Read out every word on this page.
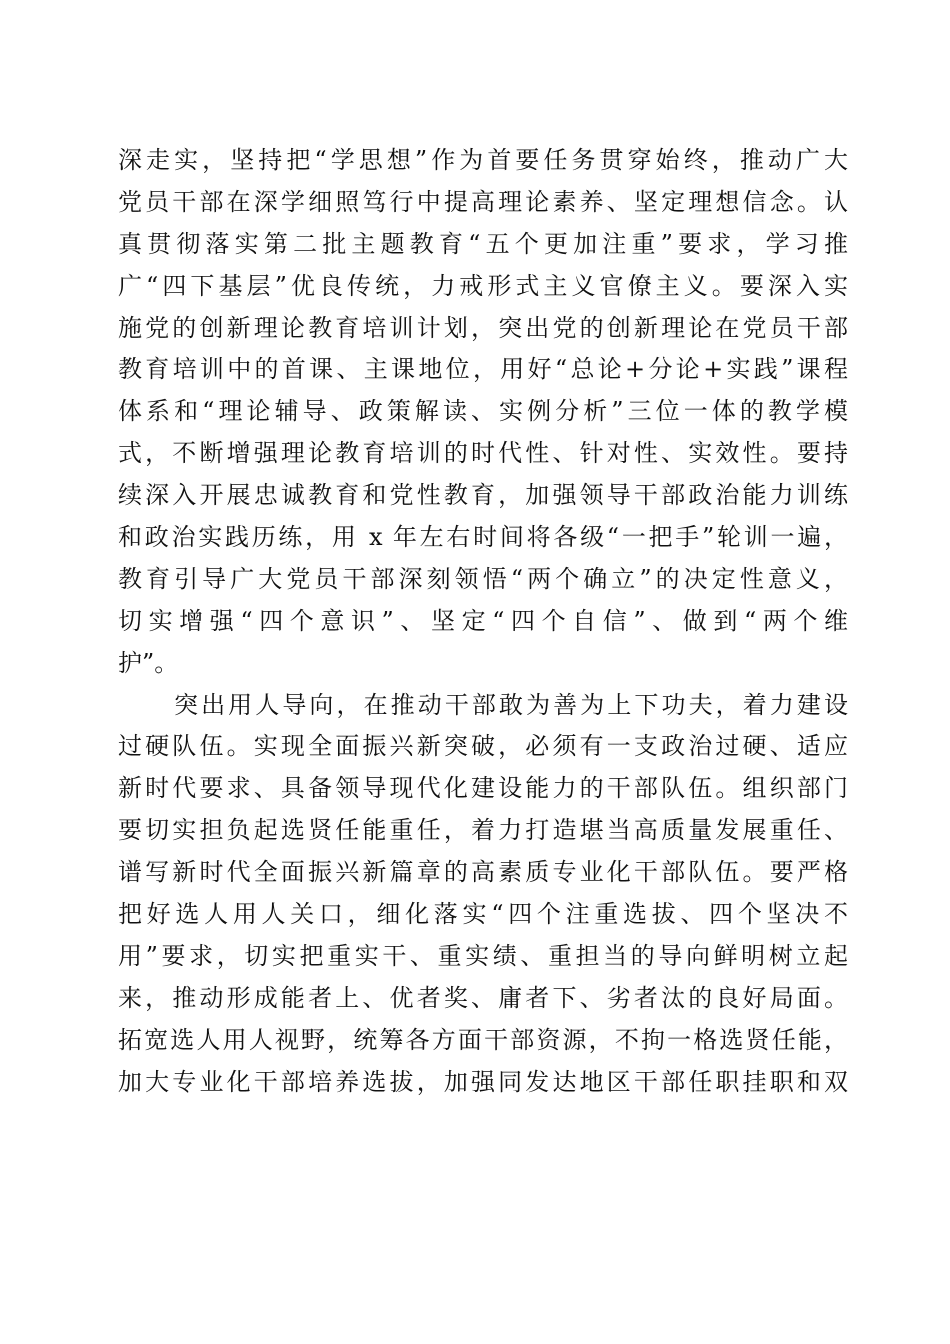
深走实，坚持把“学思想”作为首要任务贯穿始终，推动广大
党员干部在深学细照笃行中提高理论素养、坚定理想信念。认
真贯彻落实第二批主题教育“五个更加注重”要求，学习推
广“四下基层”优良传统，力戒形式主义官僚主义。要深入实
施党的创新理论教育培训计划，突出党的创新理论在党员干部
教育培训中的首课、主课地位，用好“总论+分论+实践”课程
体系和“理论辅导、政策解读、实例分析”三位一体的教学模
式，不断增强理论教育培训的时代性、针对性、实效性。要持
续深入开展忠诚教育和党性教育，加强领导干部政治能力训练
和政治实践历练，用 x 年左右时间将各级“一把手”轮训一遍，
教育引导广大党员干部深刻领悟“两个确立”的决定性意义，
切实增强“四个意识”、坚定“四个自信”、做到“两个维
护”。
突出用人导向，在推动干部敢为善为上下功夫，着力建设
过硬队伍。实现全面振兴新突破，必须有一支政治过硬、适应
新时代要求、具备领导现代化建设能力的干部队伍。组织部门
要切实担负起选贤任能重任，着力打造堪当高质量发展重任、
谱写新时代全面振兴新篇章的高素质专业化干部队伍。要严格
把好选人用人关口，细化落实“四个注重选拔、四个坚决不
用”要求，切实把重实干、重实绩、重担当的导向鲜明树立起
来，推动形成能者上、优者奖、庸者下、劣者汰的良好局面。
拓宽选人用人视野，统筹各方面干部资源，不拘一格选贤任能，
加大专业化干部培养选拔，加强同发达地区干部任职挂职和双
